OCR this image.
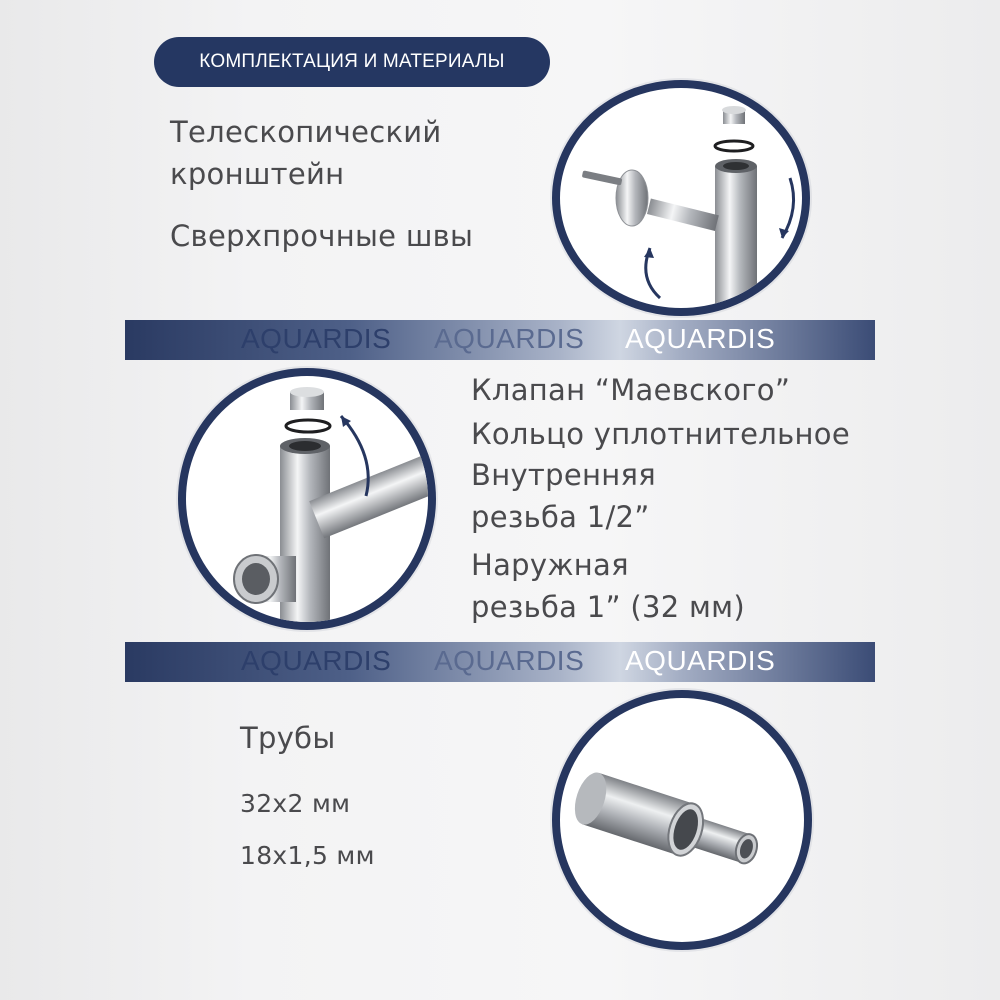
КОМПЛЕКТАЦИЯ И МАТЕРИАЛЫ
Телескопический
кронштейн
Сверхпрочные швы
AQUARDIS AQUARDIS AQUARDIS
Клапан “Маевского”
Кольцо уплотнительное
Внутренняя
резьба 1/2”
Наружная
резьба 1” (32 мм)
AQUARDIS AQUARDIS AQUARDIS
Трубы
32х2 мм
18х1,5 мм
